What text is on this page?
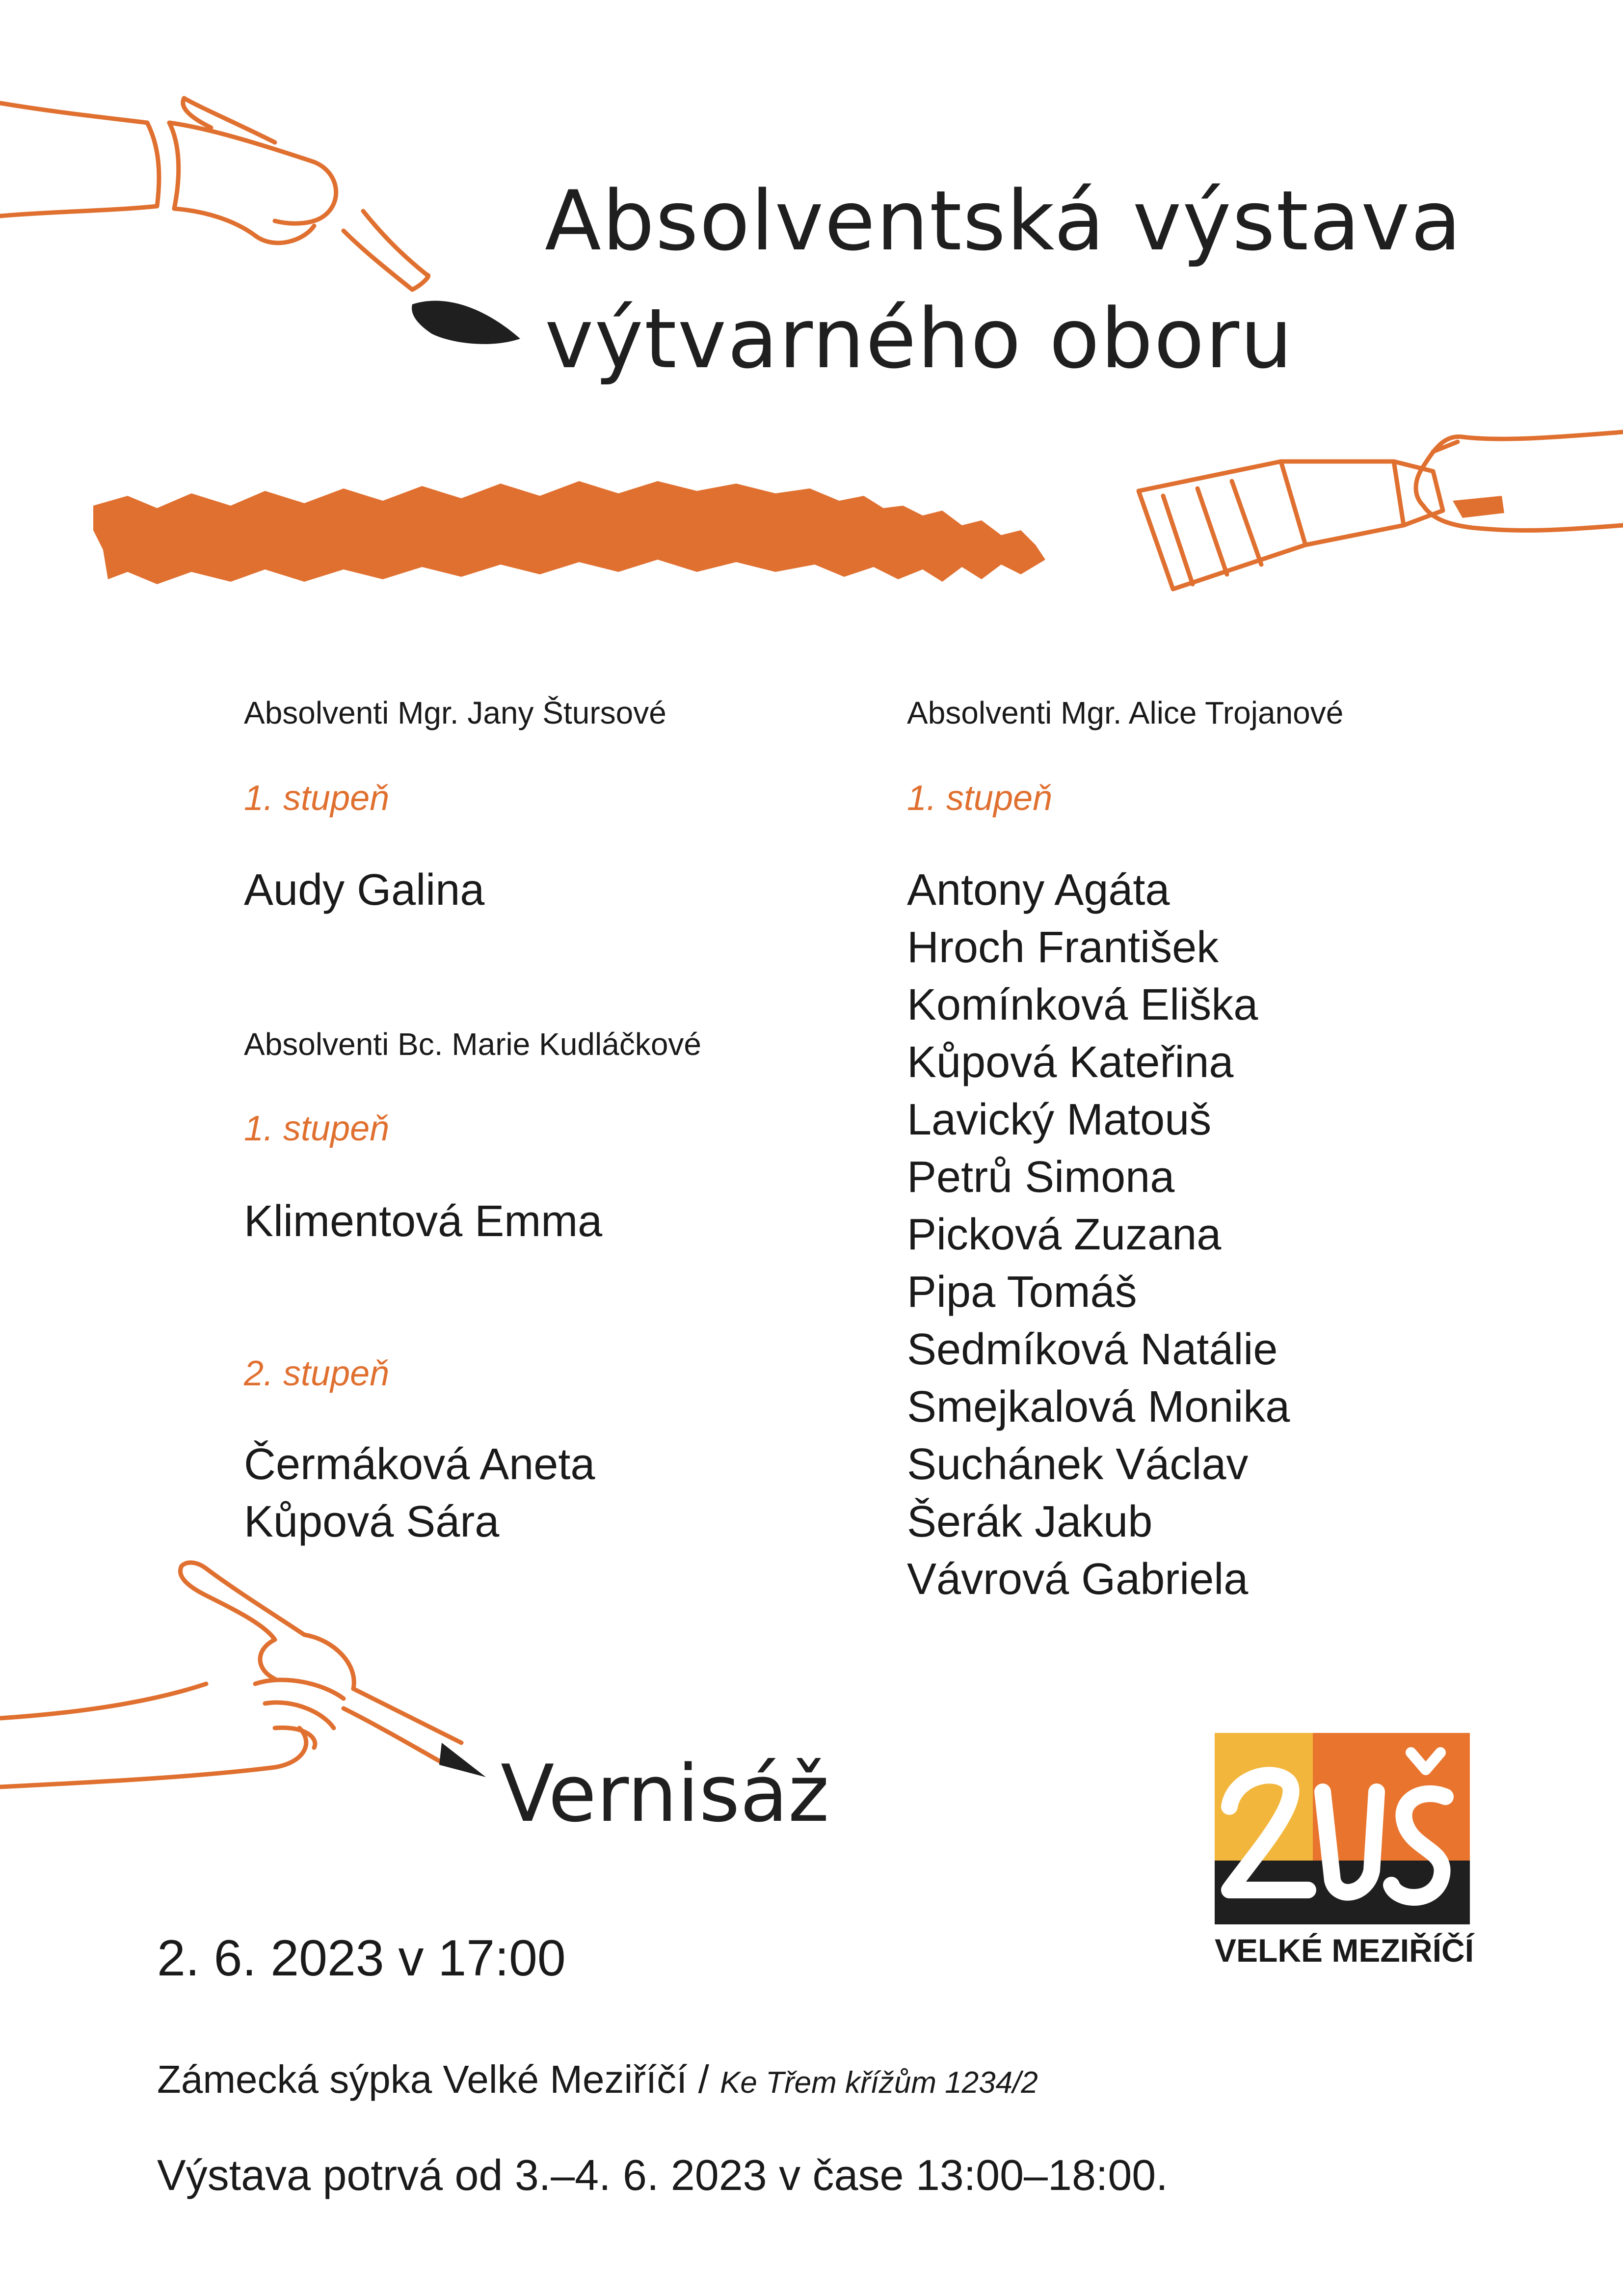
Absolventská výstava
výtvarného oboru
Absolventi Mgr. Jany Štursové
1. stupeň
Audy Galina
Absolventi Bc. Marie Kudláčkové
1. stupeň
Klimentová Emma
2. stupeň
Čermáková Aneta
Kůpová Sára
Absolventi Mgr. Alice Trojanové
1. stupeň
Antony Agáta
Hroch František
Komínková Eliška
Kůpová Kateřina
Lavický Matouš
Petrů Simona
Picková Zuzana
Pipa Tomáš
Sedmíková Natálie
Smejkalová Monika
Suchánek Václav
Šerák Jakub
Vávrová Gabriela
Vernisáž
VELKÉ MEZIŘÍČÍ
2. 6. 2023 v 17:00
Zámecká sýpka Velké Meziříčí / Ke Třem křížům 1234/2
Výstava potrvá od 3.–4. 6. 2023 v čase 13:00–18:00.
